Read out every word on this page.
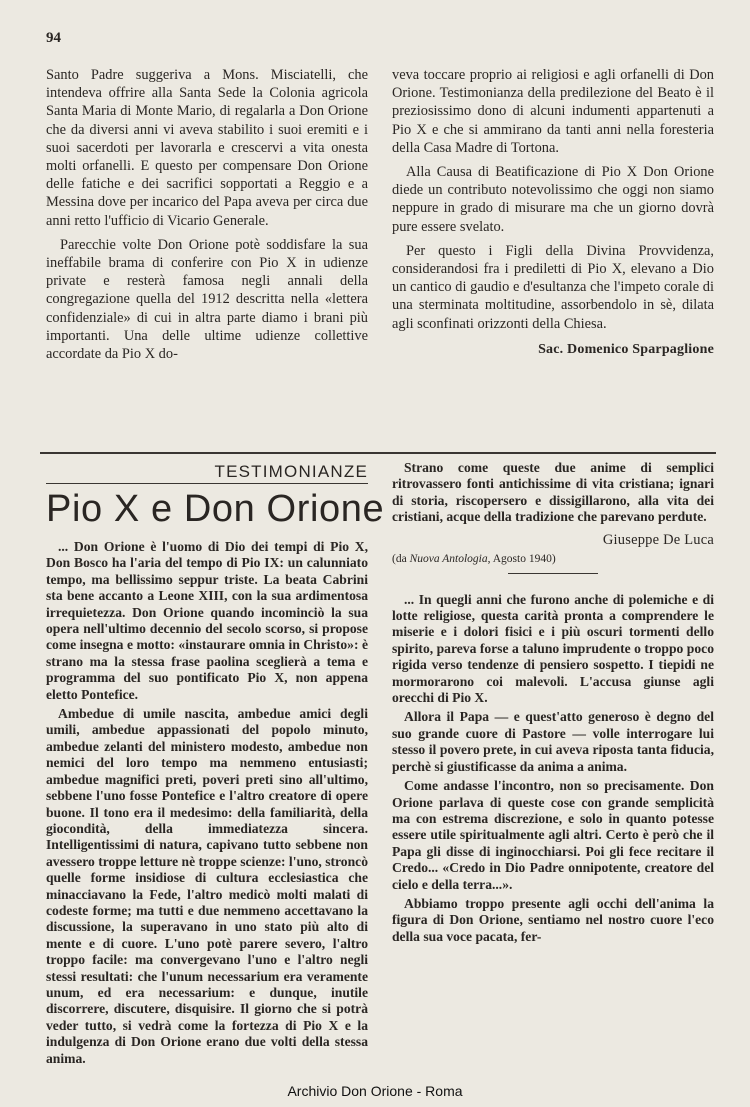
94

Santo Padre suggeriva a Mons. Misciatelli, che intendeva offrire alla Santa Sede la Colonia agricola Santa Maria di Monte Mario, di regalarla a Don Orione che da diversi anni vi aveva stabilito i suoi eremiti e i suoi sacerdoti per lavorarla e crescervi a vita onesta molti orfanelli. E questo per compensare Don Orione delle fatiche e dei sacrifici sopportati a Reggio e a Messina dove per incarico del Papa aveva per circa due anni retto l'ufficio di Vicario Generale.

Parecchie volte Don Orione potè soddisfare la sua ineffabile brama di conferire con Pio X in udienze private e resterà famosa negli annali della congregazione quella del 1912 descritta nella «lettera confidenziale» di cui in altra parte diamo i brani più importanti. Una delle ultime udienze collettive accordate da Pio X do-

veva toccare proprio ai religiosi e agli orfanelli di Don Orione. Testimonianza della predilezione del Beato è il preziosissimo dono di alcuni indumenti appartenuti a Pio X e che si ammirano da tanti anni nella foresteria della Casa Madre di Tortona.

Alla Causa di Beatificazione di Pio X Don Orione diede un contributo notevolissimo che oggi non siamo neppure in grado di misurare ma che un giorno dovrà pure essere svelato.

Per questo i Figli della Divina Provvidenza, considerandosi fra i prediletti di Pio X, elevano a Dio un cantico di gaudio e d'esultanza che l'impeto corale di una sterminata moltitudine, assorbendolo in sè, dilata agli sconfinati orizzonti della Chiesa.

Sac. Domenico Sparpaglione
TESTIMONIANZE
Pio X e Don Orione

... Don Orione è l'uomo di Dio dei tempi di Pio X, Don Bosco ha l'aria del tempo di Pio IX: un calunniato tempo, ma bellissimo seppur triste. La beata Cabrini sta bene accanto a Leone XIII, con la sua ardimentosa irrequietezza. Don Orione quando incominciò la sua opera nell'ultimo decennio del secolo scorso, si propose come insegna e motto: «instaurare omnia in Christo»: è strano ma la stessa frase paolina sceglierà a tema e programma del suo pontificato Pio X, non appena eletto Pontefice.

Ambedue di umile nascita, ambedue amici degli umili, ambedue appassionati del popolo minuto, ambedue zelanti del ministero modesto, ambedue non nemici del loro tempo ma nemmeno entusiasti; ambedue magnifici preti, poveri preti sino all'ultimo, sebbene l'uno fosse Pontefice e l'altro creatore di opere buone. Il tono era il medesimo: della familiarità, della giocondità, della immediatezza sincera. Intelligentissimi di natura, capivano tutto sebbene non avessero troppe letture nè troppe scienze: l'uno, stroncò quelle forme insidiose di cultura ecclesiastica che minacciavano la Fede, l'altro medicò molti malati di codeste forme; ma tutti e due nemmeno accettavano la discussione, la superavano in uno stato più alto di mente e di cuore. L'uno potè parere severo, l'altro troppo facile: ma convergevano l'uno e l'altro negli stessi resultati: che l'unum necessarium era veramente unum, ed era necessarium: e dunque, inutile discorrere, discutere, disquisire. Il giorno che si potrà veder tutto, si vedrà come la fortezza di Pio X e la indulgenza di Don Orione erano due volti della stessa anima.

Strano come queste due anime di semplici ritrovassero fonti antichissime di vita cristiana; ignari di storia, riscopersero e dissigillarono, alla vita dei cristiani, acque della tradizione che parevano perdute.

Giuseppe De Luca
(da Nuova Antologia, Agosto 1940)

... In quegli anni che furono anche di polemiche e di lotte religiose, questa carità pronta a comprendere le miserie e i dolori fisici e i più oscuri tormenti dello spirito, pareva forse a taluno imprudente o troppo poco rigida verso tendenze di pensiero sospetto. I tiepidi ne mormorarono coi malevoli. L'accusa giunse agli orecchi di Pio X.

Allora il Papa — e quest'atto generoso è degno del suo grande cuore di Pastore — volle interrogare lui stesso il povero prete, in cui aveva riposta tanta fiducia, perchè si giustificasse da anima a anima.

Come andasse l'incontro, non so precisamente. Don Orione parlava di queste cose con grande semplicità ma con estrema discrezione, e solo in quanto potesse essere utile spiritualmente agli altri. Certo è però che il Papa gli disse di inginocchiarsi. Poi gli fece recitare il Credo... «Credo in Dio Padre onnipotente, creatore del cielo e della terra...».

Abbiamo troppo presente agli occhi dell'anima la figura di Don Orione, sentiamo nel nostro cuore l'eco della sua voce pacata, fer-

Archivio Don Orione - Roma
